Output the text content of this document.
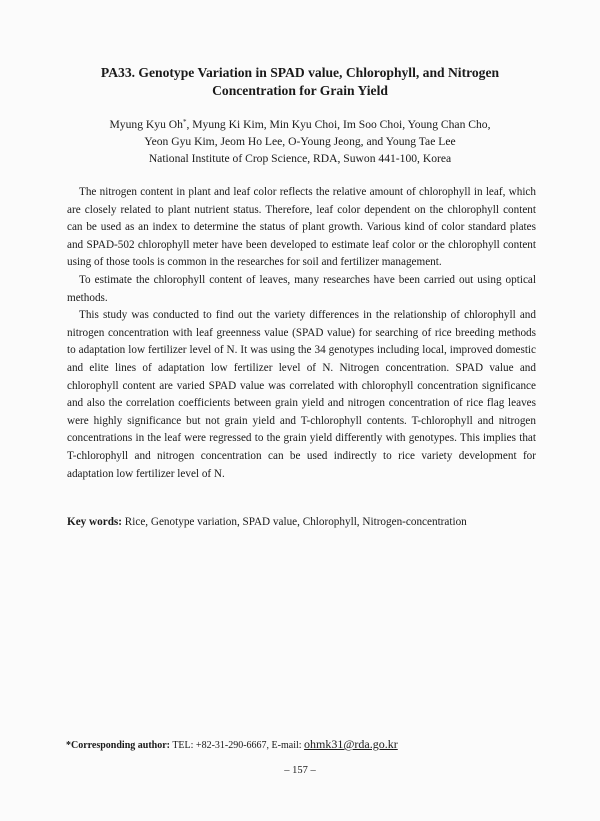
PA33. Genotype Variation in SPAD value, Chlorophyll, and Nitrogen
Concentration for Grain Yield
Myung Kyu Oh*, Myung Ki Kim, Min Kyu Choi, Im Soo Choi, Young Chan Cho,
Yeon Gyu Kim, Jeom Ho Lee, O-Young Jeong, and Young Tae Lee
National Institute of Crop Science, RDA, Suwon 441-100, Korea

The nitrogen content in plant and leaf color reflects the relative amount of chlorophyll in leaf, which are closely related to plant nutrient status. Therefore, leaf color dependent on the chlorophyll content can be used as an index to determine the status of plant growth. Various kind of color standard plates and SPAD-502 chlorophyll meter have been developed to estimate leaf color or the chlorophyll content using of those tools is common in the researches for soil and fertilizer management.

To estimate the chlorophyll content of leaves, many researches have been carried out using optical methods.

This study was conducted to find out the variety differences in the relationship of chlorophyll and nitrogen concentration with leaf greenness value (SPAD value) for searching of rice breeding methods to adaptation low fertilizer level of N. It was using the 34 genotypes including local, improved domestic and elite lines of adaptation low fertilizer level of N. Nitrogen concentration. SPAD value and chlorophyll content are varied SPAD value was correlated with chlorophyll concentration significance and also the correlation coefficients between grain yield and nitrogen concentration of rice flag leaves were highly significance but not grain yield and T-chlorophyll contents. T-chlorophyll and nitrogen concentrations in the leaf were regressed to the grain yield differently with genotypes. This implies that T-chlorophyll and nitrogen concentration can be used indirectly to rice variety development for adaptation low fertilizer level of N.

Key words: Rice, Genotype variation, SPAD value, Chlorophyll, Nitrogen-concentration
*Corresponding author: TEL: +82-31-290-6667, E-mail: ohmk31@rda.go.kr
– 157 –
